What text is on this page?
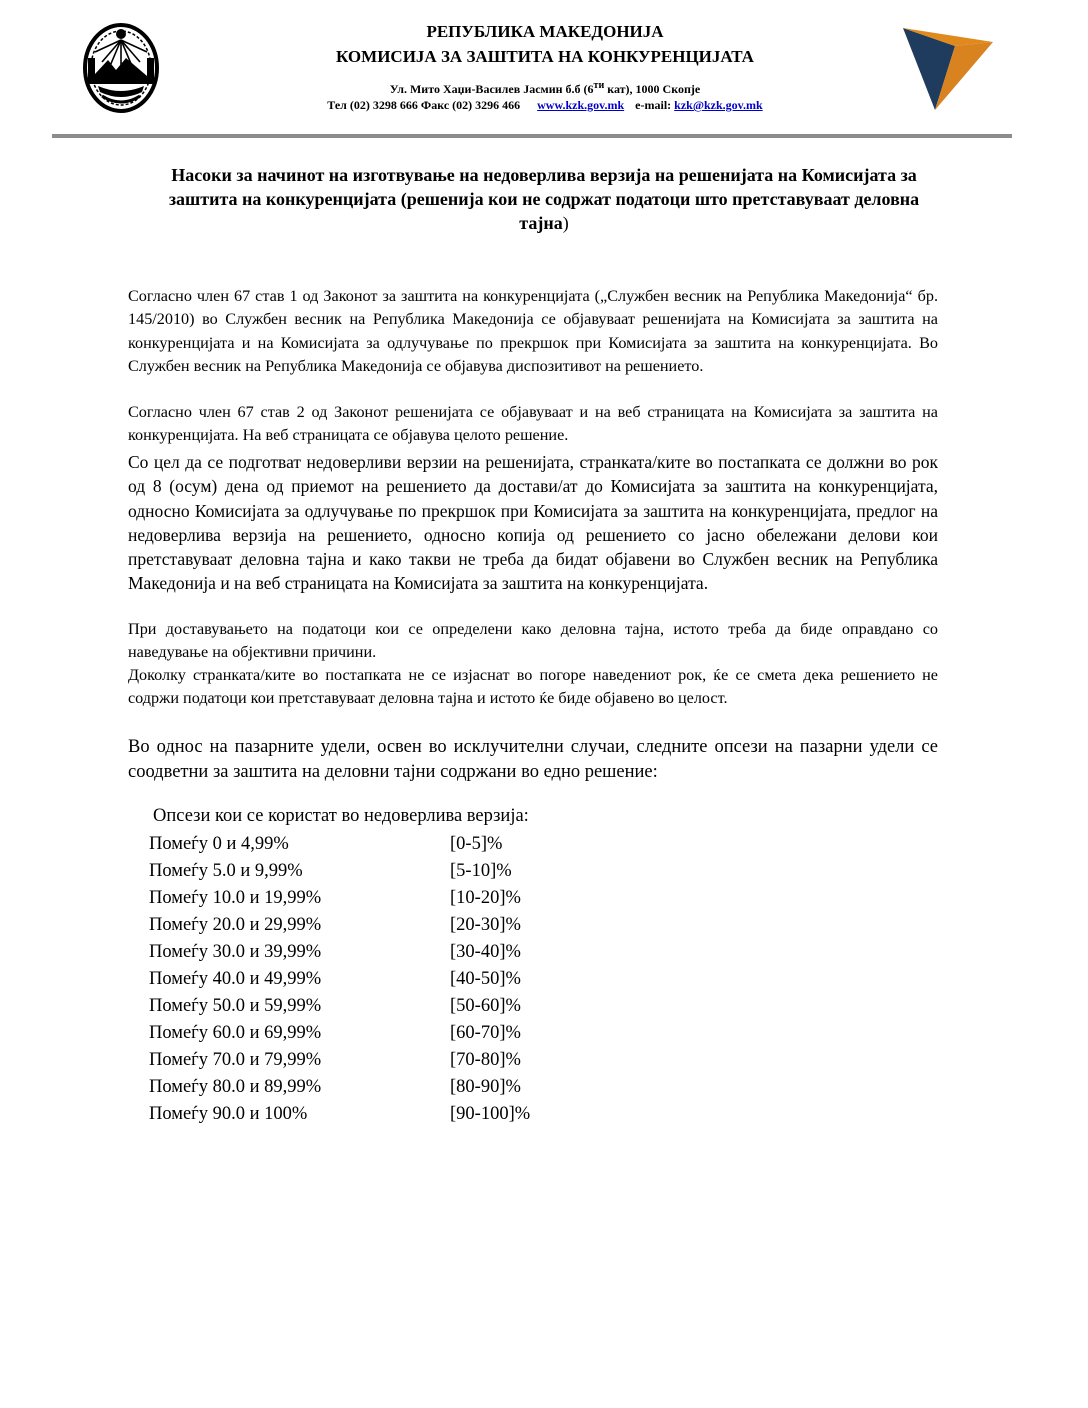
РЕПУБЛИКА МАКЕДОНИЈА
КОМИСИЈА ЗА ЗАШТИТА НА КОНКУРЕНЦИЈАТА
Ул. Мито Хаџи-Василев Јасмин б.б ($6^{ти}$ кат), 1000 Скопје
Тел (02) 3298 666 Факс (02) 3296 466 www.kzk.gov.mk e-mail: kzk@kzk.gov.mk
Насоки за начинот на изготвување на недоверлива верзија на решенијата на Комисијата за заштита на конкуренцијата (решенија кои не содржат податоци што претставуваат деловна тајна)

Согласно член 67 став 1 од Законот за заштита на конкуренцијата („Службен весник на Република Македонија“ бр. 145/2010) во Службен весник на Република Македонија се објавуваат решенијата на Комисијата за заштита на конкуренцијата и на Комисијата за одлучување по прекршок при Комисијата за заштита на конкуренцијата. Во Службен весник на Република Македонија се објавува диспозитивот на решението.

Согласно член 67 став 2 од Законот решенијата се објавуваат и на веб страницата на Комисијата за заштита на конкуренцијата. На веб страницата се објавува целото решение.

Со цел да се подготват недоверливи верзии на решенијата, странката/ките во постапката се должни во рок од 8 (осум) дена од приемот на решението да достави/ат до Комисијата за заштита на конкуренцијата, односно Комисијата за одлучување по прекршок при Комисијата за заштита на конкуренцијата, предлог на недоверлива верзија на решението, односно копија од решението со јасно обележани делови кои претставуваат деловна тајна и како такви не треба да бидат објавени во Службен весник на Република Македонија и на веб страницата на Комисијата за заштита на конкуренцијата.

При доставувањето на податоци кои се определени како деловна тајна, истото треба да биде оправдано со наведување на објективни причини.

Доколку странката/ките во постапката не се изјаснат во погоре наведениот рок, ќе се смета дека решението не содржи податоци кои претставуваат деловна тајна и истото ќе биде објавено во целост.

Во однос на пазарните удели, освен во исклучителни случаи, следните опсези на пазарни удели се соодветни за заштита на деловни тајни содржани во едно решение:

Опсези кои се користат во недоверлива верзија:
Помеѓу 0 и 4,99%	[0-5]%
Помеѓу 5.0 и 9,99%	[5-10]%
Помеѓу 10.0 и 19,99%	[10-20]%
Помеѓу 20.0 и 29,99%	[20-30]%
Помеѓу 30.0 и 39,99%	[30-40]%
Помеѓу 40.0 и 49,99%	[40-50]%
Помеѓу 50.0 и 59,99%	[50-60]%
Помеѓу 60.0 и 69,99%	[60-70]%
Помеѓу 70.0 и 79,99%	[70-80]%
Помеѓу 80.0 и 89,99%	[80-90]%
Помеѓу 90.0 и 100%	[90-100]%
